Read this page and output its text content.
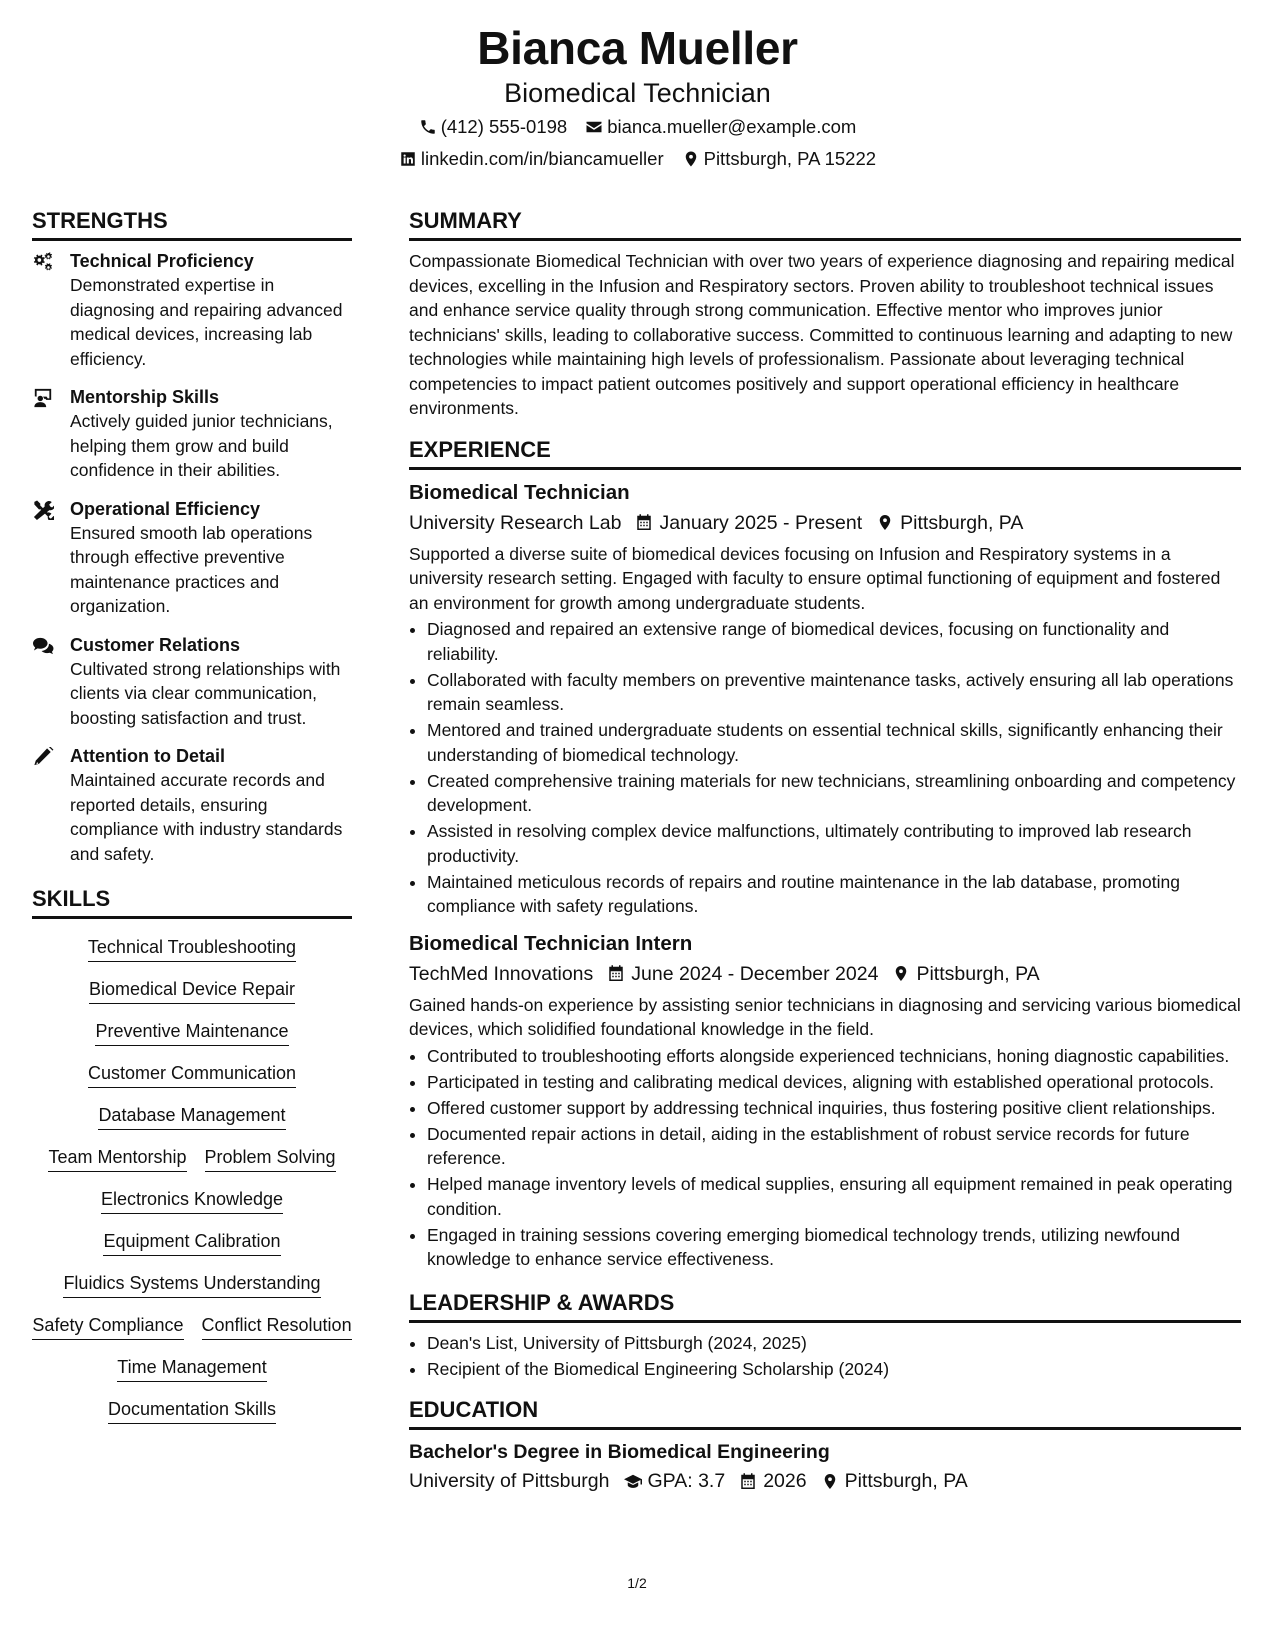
Bianca Mueller
Biomedical Technician
(412) 555-0198 bianca.mueller@example.com
linkedin.com/in/biancamueller Pittsburgh, PA 15222
STRENGTHS
Technical Proficiency
Demonstrated expertise in diagnosing and repairing advanced medical devices, increasing lab efficiency.
Mentorship Skills
Actively guided junior technicians, helping them grow and build confidence in their abilities.
Operational Efficiency
Ensured smooth lab operations through effective preventive maintenance practices and organization.
Customer Relations
Cultivated strong relationships with clients via clear communication, boosting satisfaction and trust.
Attention to Detail
Maintained accurate records and reported details, ensuring compliance with industry standards and safety.
SKILLS
Technical Troubleshooting
Biomedical Device Repair
Preventive Maintenance
Customer Communication
Database Management
Team Mentorship Problem Solving
Electronics Knowledge
Equipment Calibration
Fluidics Systems Understanding
Safety Compliance Conflict Resolution
Time Management
Documentation Skills
SUMMARY
Compassionate Biomedical Technician with over two years of experience diagnosing and repairing medical devices, excelling in the Infusion and Respiratory sectors. Proven ability to troubleshoot technical issues and enhance service quality through strong communication. Effective mentor who improves junior technicians' skills, leading to collaborative success. Committed to continuous learning and adapting to new technologies while maintaining high levels of professionalism. Passionate about leveraging technical competencies to impact patient outcomes positively and support operational efficiency in healthcare environments.
EXPERIENCE
Biomedical Technician
University Research Lab January 2025 - Present Pittsburgh, PA
Supported a diverse suite of biomedical devices focusing on Infusion and Respiratory systems in a university research setting. Engaged with faculty to ensure optimal functioning of equipment and fostered an environment for growth among undergraduate students.
• Diagnosed and repaired an extensive range of biomedical devices, focusing on functionality and reliability.
• Collaborated with faculty members on preventive maintenance tasks, actively ensuring all lab operations remain seamless.
• Mentored and trained undergraduate students on essential technical skills, significantly enhancing their understanding of biomedical technology.
• Created comprehensive training materials for new technicians, streamlining onboarding and competency development.
• Assisted in resolving complex device malfunctions, ultimately contributing to improved lab research productivity.
• Maintained meticulous records of repairs and routine maintenance in the lab database, promoting compliance with safety regulations.
Biomedical Technician Intern
TechMed Innovations June 2024 - December 2024 Pittsburgh, PA
Gained hands-on experience by assisting senior technicians in diagnosing and servicing various biomedical devices, which solidified foundational knowledge in the field.
• Contributed to troubleshooting efforts alongside experienced technicians, honing diagnostic capabilities.
• Participated in testing and calibrating medical devices, aligning with established operational protocols.
• Offered customer support by addressing technical inquiries, thus fostering positive client relationships.
• Documented repair actions in detail, aiding in the establishment of robust service records for future reference.
• Helped manage inventory levels of medical supplies, ensuring all equipment remained in peak operating condition.
• Engaged in training sessions covering emerging biomedical technology trends, utilizing newfound knowledge to enhance service effectiveness.
LEADERSHIP & AWARDS
• Dean's List, University of Pittsburgh (2024, 2025)
• Recipient of the Biomedical Engineering Scholarship (2024)
EDUCATION
Bachelor's Degree in Biomedical Engineering
University of Pittsburgh GPA: 3.7 2026 Pittsburgh, PA
1/2
